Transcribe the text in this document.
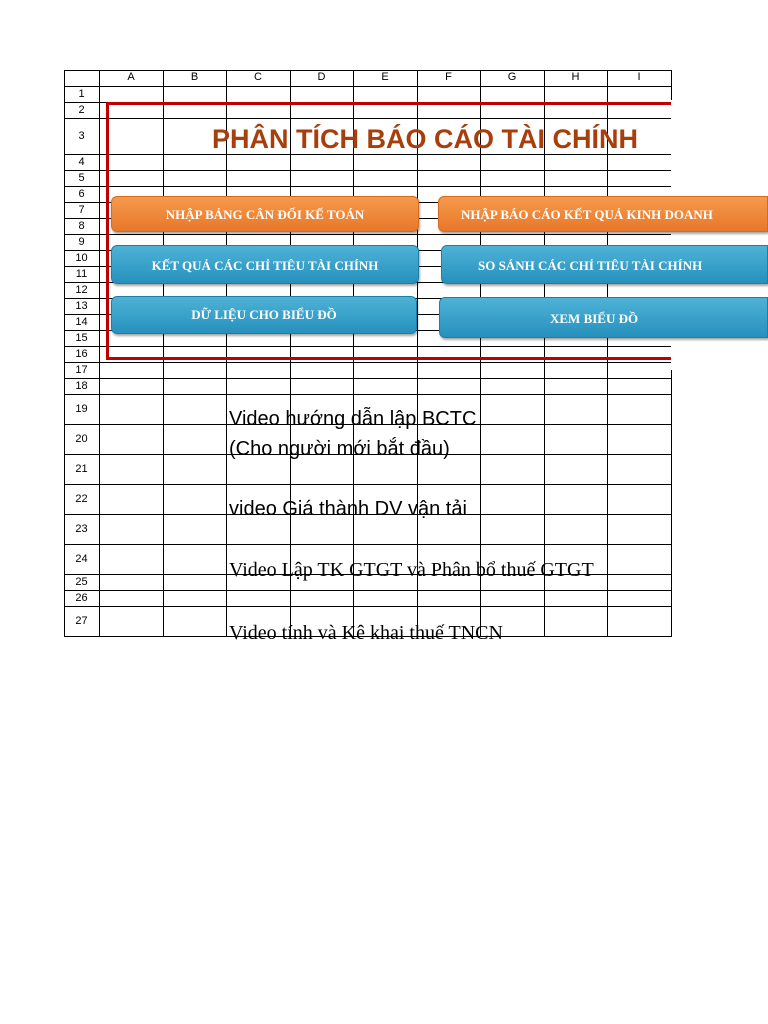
A	B	C	D	E	F	G	H	I
1
2
3
4
5
6
7
8
9
10
11
12
13
14
15
16
17
18
19
20
21
22
23
24
25
26
27
PHÂN TÍCH BÁO CÁO TÀI CHÍNH
NHẬP BẢNG CÂN ĐỐI KẾ TOÁN	NHẬP BÁO CÁO KẾT QUẢ KINH DOANH
KẾT QUẢ CÁC CHỈ TIÊU TÀI CHÍNH	SO SÁNH CÁC CHỈ TIÊU TÀI CHÍNH
DỮ LIỆU CHO BIỂU ĐỒ	XEM BIỂU ĐỒ
Video hướng dẫn lập BCTC
(Cho người mới bắt đầu)
video Giá thành DV vận tải
Video Lập TK GTGT và Phân bổ thuế GTGT
Video tính và Kê khai thuế TNCN
